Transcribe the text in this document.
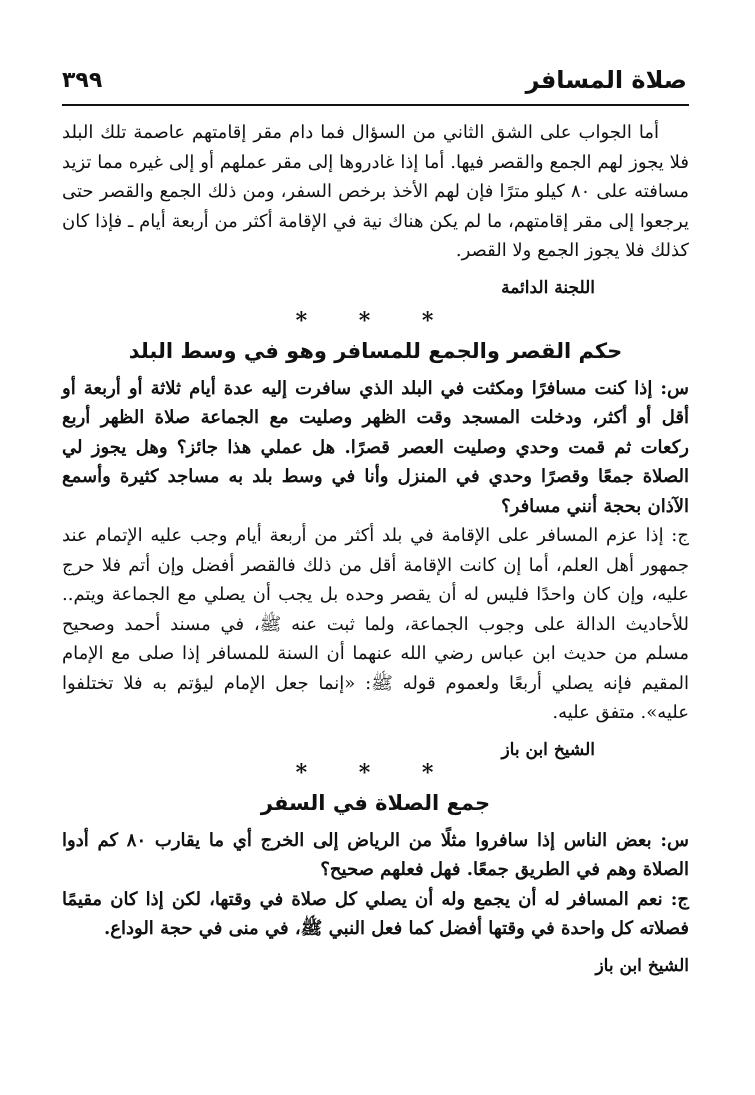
صلاة المسافر
٣٩٩

أما الجواب على الشق الثاني من السؤال فما دام مقر إقامتهم عاصمة تلك البلد فلا يجوز لهم الجمع والقصر فيها. أما إذا غادروها إلى مقر عملهم أو إلى غيره مما تزيد مسافته على ٨٠ كيلو مترًا فإن لهم الأخذ برخص السفر، ومن ذلك الجمع والقصر حتى يرجعوا إلى مقر إقامتهم، ما لم يكن هناك نية في الإقامة أكثر من أربعة أيام ـ فإذا كان كذلك فلا يجوز الجمع ولا القصر.

اللجنة الدائمة
* * *
حكم القصر والجمع للمسافر وهو في وسط البلد

س: إذا كنت مسافرًا ومكثت في البلد الذي سافرت إليه عدة أيام ثلاثة أو أربعة أو أقل أو أكثر، ودخلت المسجد وقت الظهر وصليت مع الجماعة صلاة الظهر أربع ركعات ثم قمت وحدي وصليت العصر قصرًا. هل عملي هذا جائز؟ وهل يجوز لي الصلاة جمعًا وقصرًا وحدي في المنزل وأنا في وسط بلد به مساجد كثيرة وأسمع الآذان بحجة أنني مسافر؟

ج: إذا عزم المسافر على الإقامة في بلد أكثر من أربعة أيام وجب عليه الإتمام عند جمهور أهل العلم، أما إن كانت الإقامة أقل من ذلك فالقصر أفضل وإن أتم فلا حرج عليه، وإن كان واحدًا فليس له أن يقصر وحده بل يجب أن يصلي مع الجماعة ويتم.. للأحاديث الدالة على وجوب الجماعة، ولما ثبت عنه ﷺ، في مسند أحمد وصحيح مسلم من حديث ابن عباس رضي الله عنهما أن السنة للمسافر إذا صلى مع الإمام المقيم فإنه يصلي أربعًا ولعموم قوله ﷺ: «إنما جعل الإمام ليؤتم به فلا تختلفوا عليه». متفق عليه.

الشيخ ابن باز
* * *
جمع الصلاة في السفر

س: بعض الناس إذا سافروا مثلًا من الرياض إلى الخرج أي ما يقارب ٨٠ كم أدوا الصلاة وهم في الطريق جمعًا. فهل فعلهم صحيح؟

ج: نعم المسافر له أن يجمع وله أن يصلي كل صلاة في وقتها، لكن إذا كان مقيمًا فصلاته كل واحدة في وقتها أفضل كما فعل النبي ﷺ، في منى في حجة الوداع.

الشيخ ابن باز
